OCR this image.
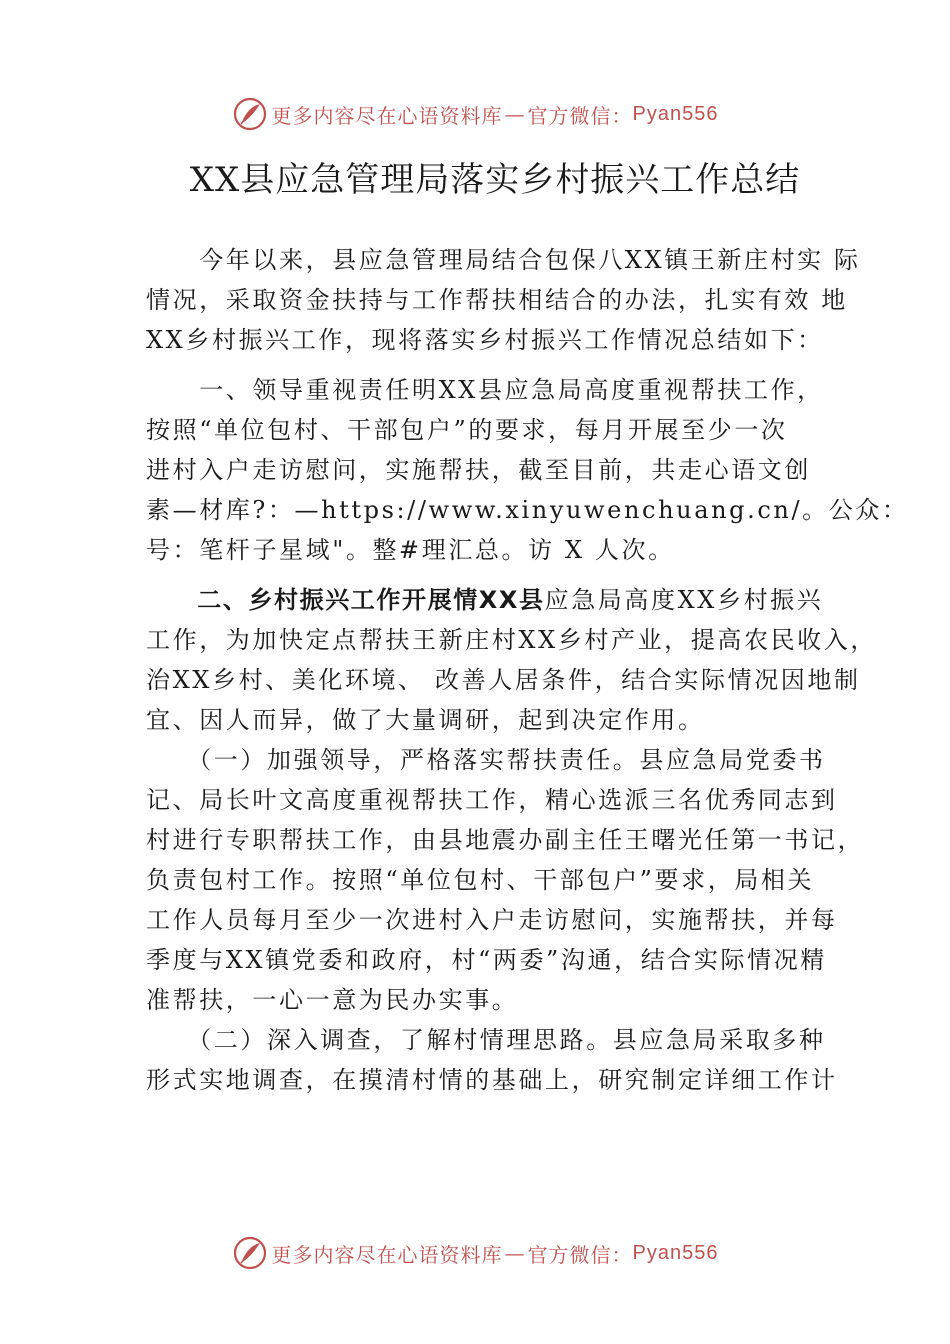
更多内容尽在心语资料库 — 官方微信： Pyan556
XX县应急管理局落实乡村振兴工作总结
　　今年以来，县应急管理局结合包保八XX镇王新庄村实 际
情况，采取资金扶持与工作帮扶相结合的办法，扎实有效 地
XX乡村振兴工作，现将落实乡村振兴工作情况总结如下：
　　一、领导重视责任明XX县应急局高度重视帮扶工作，
按照“单位包村、干部包户”的要求，每月开展至少一次
进村入户走访慰问，实施帮扶，截至目前，共走心语文创
素—材库?：—https://www.xinyuwenchuang.cn/。公众：
号：笔杆子星域"。整#理汇总。访 X 人次。
　　二、乡村振兴工作开展情XX县应急局高度XX乡村振兴
工作，为加快定点帮扶王新庄村XX乡村产业，提高农民收入，
治XX乡村、美化环境、 改善人居条件，结合实际情况因地制
宜、因人而异，做了大量调研，起到决定作用。
　　（一）加强领导，严格落实帮扶责任。县应急局党委书
记、局长叶文高度重视帮扶工作，精心选派三名优秀同志到
村进行专职帮扶工作，由县地震办副主任王曙光任第一书记，
负责包村工作。按照“单位包村、干部包户”要求，局相关
工作人员每月至少一次进村入户走访慰问，实施帮扶，并每
季度与XX镇党委和政府，村“两委”沟通，结合实际情况精
准帮扶，一心一意为民办实事。
　　（二）深入调查，了解村情理思路。县应急局采取多种
形式实地调查，在摸清村情的基础上，研究制定详细工作计
更多内容尽在心语资料库 — 官方微信： Pyan556
